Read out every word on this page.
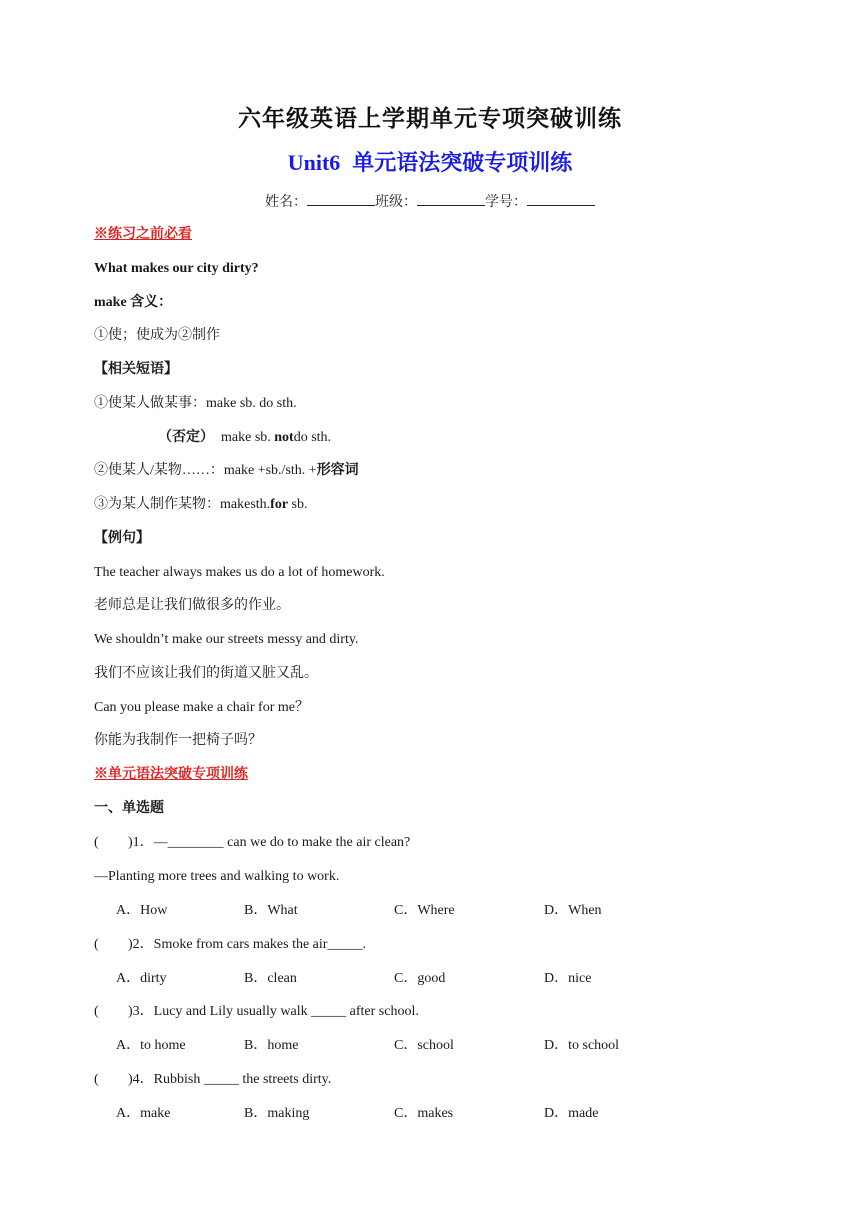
六年级英语上学期单元专项突破训练
Unit6 单元语法突破专项训练
姓名：	班级：	学号：
※练习之前必看
What makes our city dirty?
make 含义：
①使；使成为②制作
【相关短语】
①使某人做某事：make sb. do sth.
（否定） make sb. notdo sth.
②使某人/某物……：make +sb./sth. +形容词
③为某人制作某物：makesth.for sb.
【例句】
The teacher always makes us do a lot of homework.
老师总是让我们做很多的作业。
We shouldn’t make our streets messy and dirty.
我们不应该让我们的街道又脏又乱。
Can you please make a chair for me？
你能为我制作一把椅子吗？
※单元语法突破专项训练
一、单选题
( )1．—________ can we do to make the air clean?
—Planting more trees and walking to work.
A．How	B．What	C．Where	D．When
( )2．Smoke from cars makes the air_____.
A．dirty	B．clean	C．good	D．nice
( )3．Lucy and Lily usually walk _____ after school.
A．to home	B．home	C．school	D．to school
( )4．Rubbish _____ the streets dirty.
A．make	B．making	C．makes	D．made
